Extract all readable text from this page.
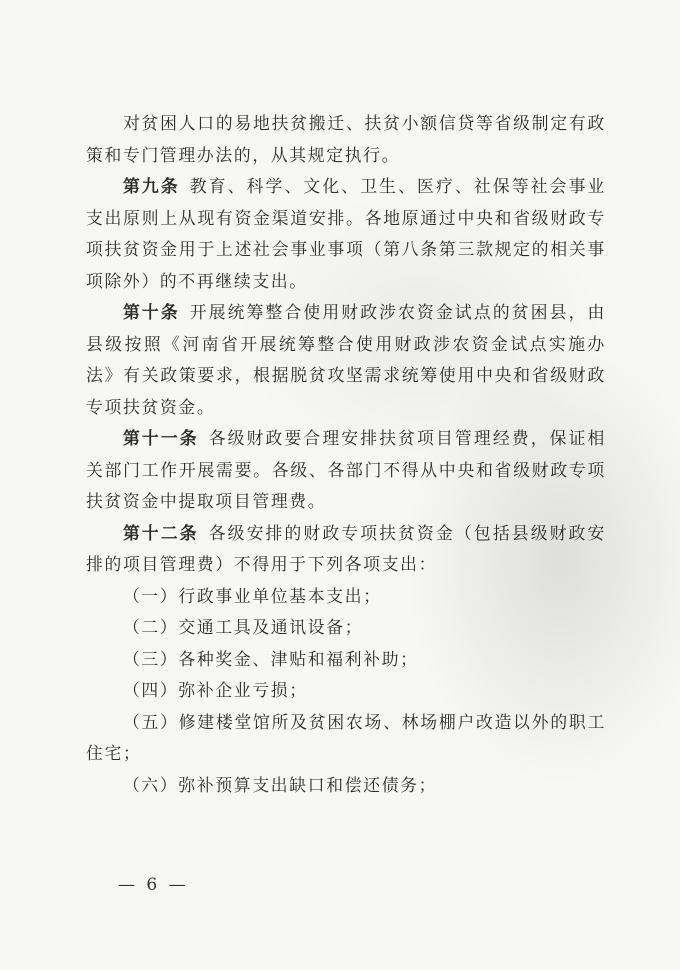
对贫困人口的易地扶贫搬迁、扶贫小额信贷等省级制定有政策和专门管理办法的，从其规定执行。

第九条 教育、科学、文化、卫生、医疗、社保等社会事业支出原则上从现有资金渠道安排。各地原通过中央和省级财政专项扶贫资金用于上述社会事业事项（第八条第三款规定的相关事项除外）的不再继续支出。

第十条 开展统筹整合使用财政涉农资金试点的贫困县，由县级按照《河南省开展统筹整合使用财政涉农资金试点实施办法》有关政策要求，根据脱贫攻坚需求统筹使用中央和省级财政专项扶贫资金。

第十一条 各级财政要合理安排扶贫项目管理经费，保证相关部门工作开展需要。各级、各部门不得从中央和省级财政专项扶贫资金中提取项目管理费。

第十二条 各级安排的财政专项扶贫资金（包括县级财政安排的项目管理费）不得用于下列各项支出：

（一）行政事业单位基本支出；

（二）交通工具及通讯设备；

（三）各种奖金、津贴和福利补助；

（四）弥补企业亏损；

（五）修建楼堂馆所及贫困农场、林场棚户改造以外的职工住宅；

（六）弥补预算支出缺口和偿还债务；

— 6 —
